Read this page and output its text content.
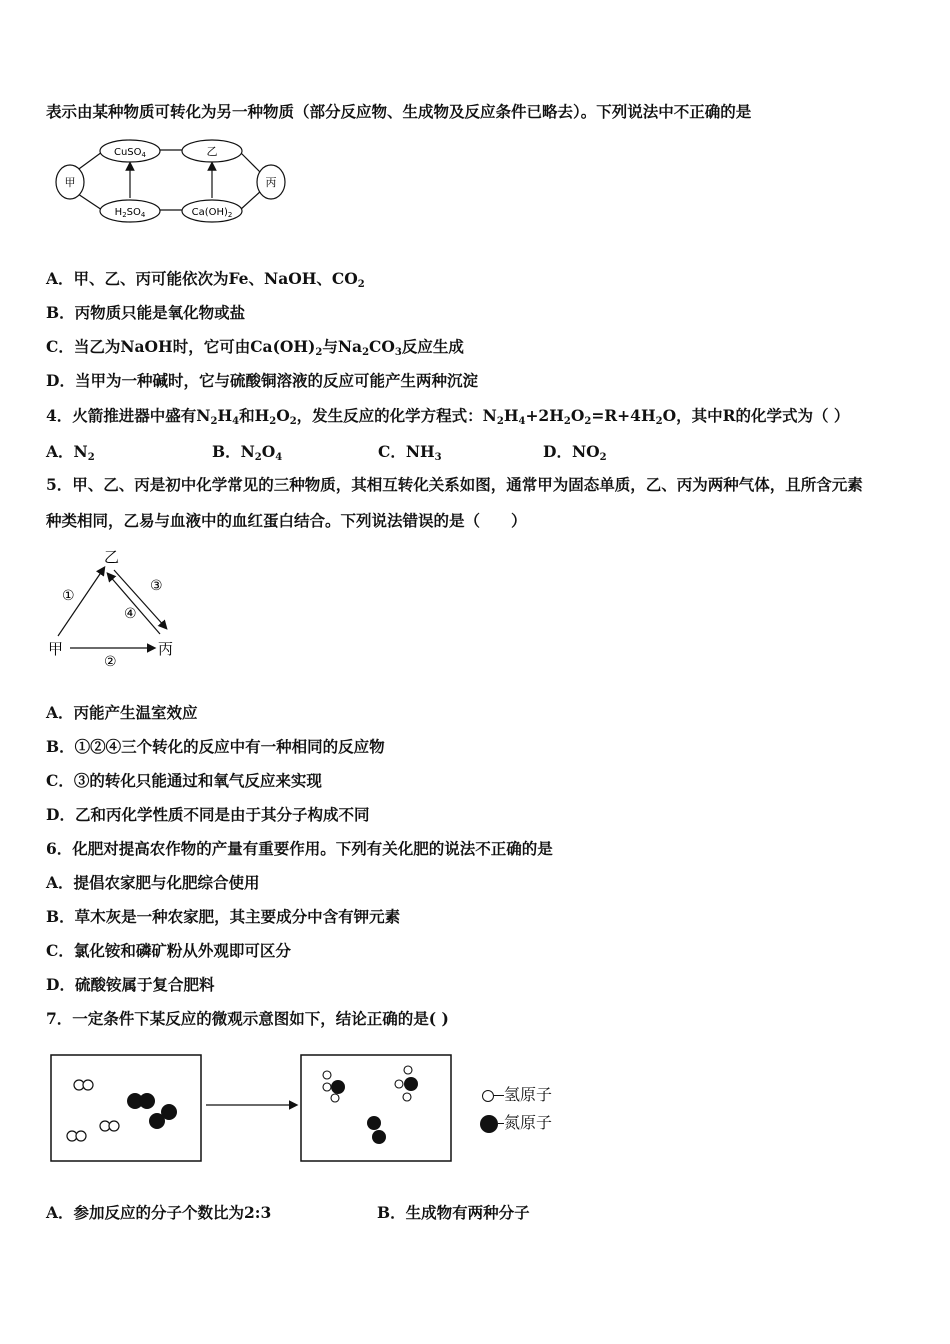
表示由某种物质可转化为另一种物质（部分反应物、生成物及反应条件已略去）。下列说法中不正确的是
甲	丙
乙
CuSO$_4$
$H_2SO_4$	$Ca(OH)_2$
A．甲、乙、丙可能依次为Fe、NaOH、$CO_2$
B．丙物质只能是氧化物或盐
C．当乙为NaOH时，它可由$Ca(OH)_2$与$Na_2CO_3$反应生成
D．当甲为一种碱时，它与硫酸铜溶液的反应可能产生两种沉淀
4．火箭推进器中盛有$N_2H_4$和$H_2O_2$，发生反应的化学方程式：$N_2H_4+2H_2O_2=R+4H_2O$，其中R的化学式为（ ）
A．$N_2$	B．$N_2O_4$	C．$NH_3$	D．$NO_2$
5．甲、乙、丙是初中化学常见的三种物质，其相互转化关系如图，通常甲为固态单质，乙、丙为两种气体，且所含元素
种类相同，乙易与血液中的血红蛋白结合。下列说法错误的是（　　）
乙
甲	丙
①
③
④
②
A．丙能产生温室效应
B．①②④三个转化的反应中有一种相同的反应物
C．③的转化只能通过和氧气反应来实现
D．乙和丙化学性质不同是由于其分子构成不同
6．化肥对提高农作物的产量有重要作用。下列有关化肥的说法不正确的是
A．提倡农家肥与化肥综合使用
B．草木灰是一种农家肥，其主要成分中含有钾元素
C．氯化铵和磷矿粉从外观即可区分
D．硫酸铵属于复合肥料
7．一定条件下某反应的微观示意图如下，结论正确的是( )
氢原子
氮原子
A．参加反应的分子个数比为2:3	B．生成物有两种分子
